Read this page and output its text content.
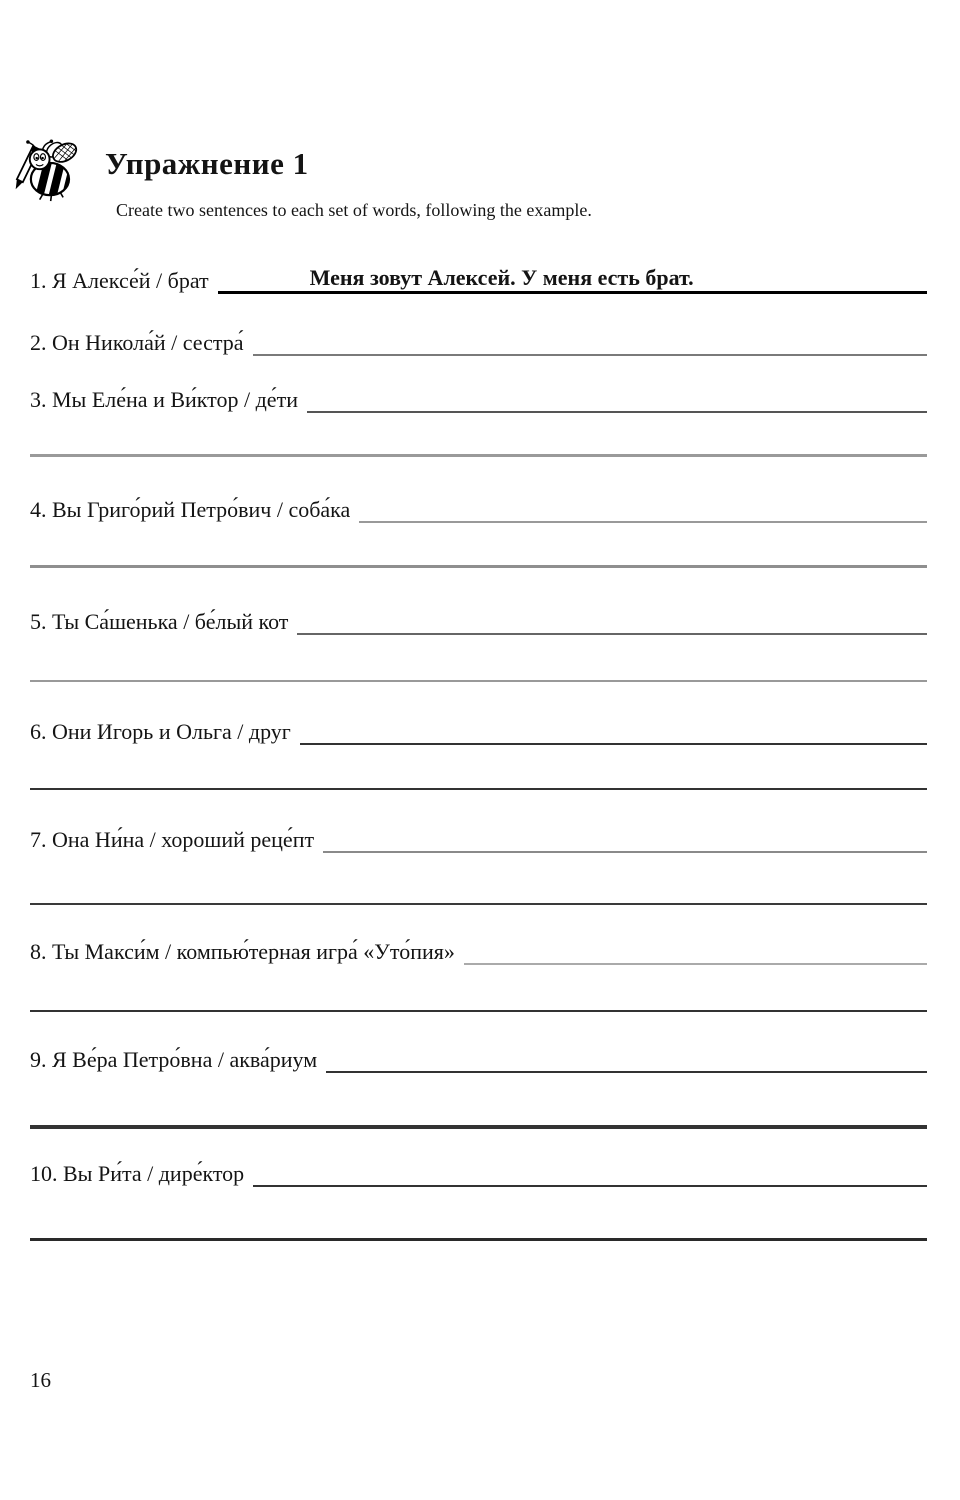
Упражнение 1

Create two sentences to each set of words, following the example.

1. Я Алексе́й / брат	Меня зовут Алексей. У меня есть брат.
2. Он Никола́й / сестра́
3. Мы Еле́на и Ви́ктор / де́ти
4. Вы Григо́рий Петро́вич / соба́ка
5. Ты Са́шенька / бе́лый кот
6. Они Игорь и Ольга / друг
7. Она Ни́на / хороший реце́пт
8. Ты Макси́м / компью́терная игра́ «Уто́пия»
9. Я Ве́ра Петро́вна / аква́риум
10. Вы Ри́та / дире́ктор
16
